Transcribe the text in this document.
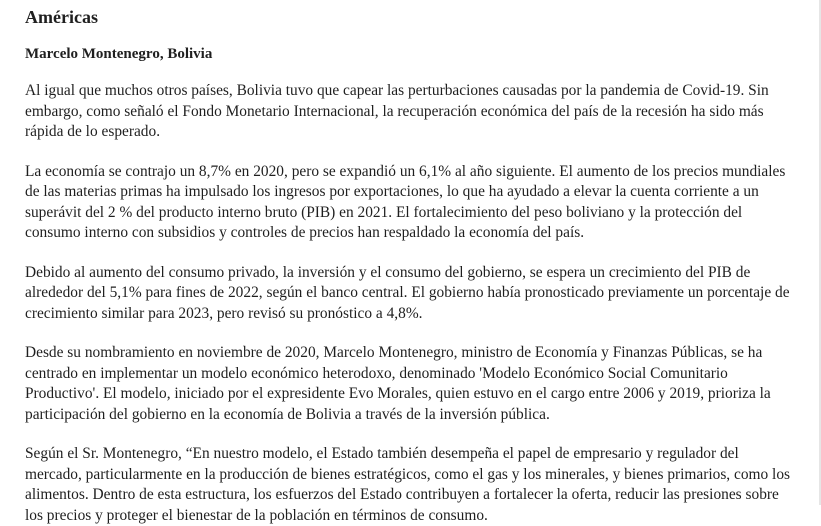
Américas

Marcelo Montenegro, Bolivia

Al igual que muchos otros países, Bolivia tuvo que capear las perturbaciones causadas por la pandemia de Covid-19. Sin embargo, como señaló el Fondo Monetario Internacional, la recuperación económica del país de la recesión ha sido más rápida de lo esperado.

La economía se contrajo un 8,7% en 2020, pero se expandió un 6,1% al año siguiente. El aumento de los precios mundiales de las materias primas ha impulsado los ingresos por exportaciones, lo que ha ayudado a elevar la cuenta corriente a un superávit del 2 % del producto interno bruto (PIB) en 2021. El fortalecimiento del peso boliviano y la protección del consumo interno con subsidios y controles de precios han respaldado la economía del país.

Debido al aumento del consumo privado, la inversión y el consumo del gobierno, se espera un crecimiento del PIB de alrededor del 5,1% para fines de 2022, según el banco central. El gobierno había pronosticado previamente un porcentaje de crecimiento similar para 2023, pero revisó su pronóstico a 4,8%.

Desde su nombramiento en noviembre de 2020, Marcelo Montenegro, ministro de Economía y Finanzas Públicas, se ha centrado en implementar un modelo económico heterodoxo, denominado 'Modelo Económico Social Comunitario Productivo'. El modelo, iniciado por el expresidente Evo Morales, quien estuvo en el cargo entre 2006 y 2019, prioriza la participación del gobierno en la economía de Bolivia a través de la inversión pública.

Según el Sr. Montenegro, “En nuestro modelo, el Estado también desempeña el papel de empresario y regulador del mercado, particularmente en la producción de bienes estratégicos, como el gas y los minerales, y bienes primarios, como los alimentos. Dentro de esta estructura, los esfuerzos del Estado contribuyen a fortalecer la oferta, reducir las presiones sobre los precios y proteger el bienestar de la población en términos de consumo.
